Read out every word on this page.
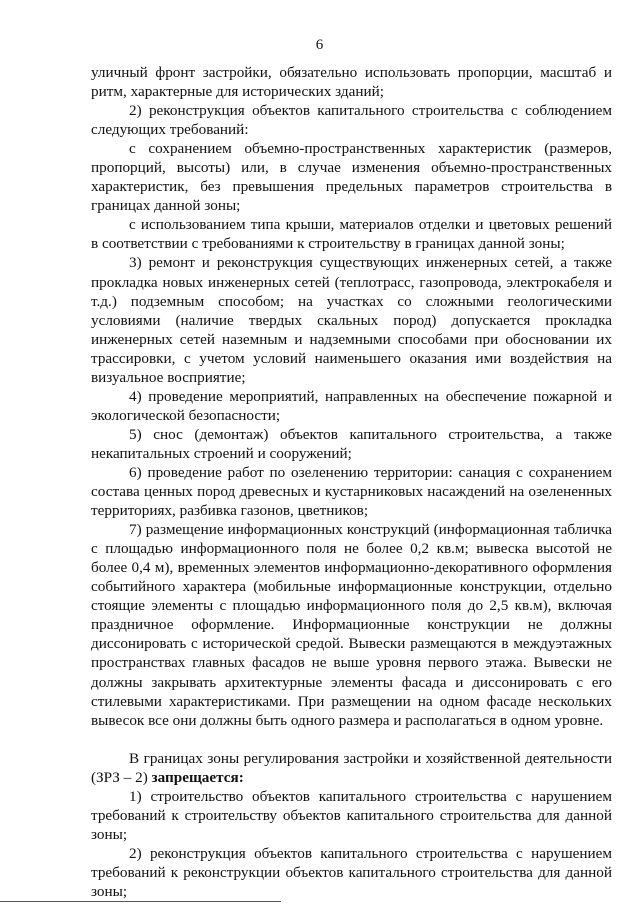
6

уличный фронт застройки, обязательно использовать пропорции, масштаб и ритм, характерные для исторических зданий;

2) реконструкция объектов капитального строительства с соблюдением следующих требований:

с сохранением объемно-пространственных характеристик (размеров, пропорций, высоты) или, в случае изменения объемно-пространственных характеристик, без превышения предельных параметров строительства в границах данной зоны;

с использованием типа крыши, материалов отделки и цветовых решений в соответствии с требованиями к строительству в границах данной зоны;

3) ремонт и реконструкция существующих инженерных сетей, а также прокладка новых инженерных сетей (теплотрасс, газопровода, электрокабеля и т.д.) подземным способом; на участках со сложными геологическими условиями (наличие твердых скальных пород) допускается прокладка инженерных сетей наземным и надземными способами при обосновании их трассировки, с учетом условий наименьшего оказания ими воздействия на визуальное восприятие;

4) проведение мероприятий, направленных на обеспечение пожарной и экологической безопасности;

5) снос (демонтаж) объектов капитального строительства, а также некапитальных строений и сооружений;

6) проведение работ по озеленению территории: санация с сохранением состава ценных пород древесных и кустарниковых насаждений на озелененных территориях, разбивка газонов, цветников;

7) размещение информационных конструкций (информационная табличка с площадью информационного поля не более 0,2 кв.м; вывеска высотой не более 0,4 м), временных элементов информационно-декоративного оформления событийного характера (мобильные информационные конструкции, отдельно стоящие элементы с площадью информационного поля до 2,5 кв.м), включая праздничное оформление. Информационные конструкции не должны диссонировать с исторической средой. Вывески размещаются в междуэтажных пространствах главных фасадов не выше уровня первого этажа. Вывески не должны закрывать архитектурные элементы фасада и диссонировать с его стилевыми характеристиками. При размещении на одном фасаде нескольких вывесок все они должны быть одного размера и располагаться в одном уровне.

В границах зоны регулирования застройки и хозяйственной деятельности (ЗРЗ – 2) запрещается:

1) строительство объектов капитального строительства с нарушением требований к строительству объектов капитального строительства для данной зоны;

2) реконструкция объектов капитального строительства с нарушением требований к реконструкции объектов капитального строительства для данной зоны;
